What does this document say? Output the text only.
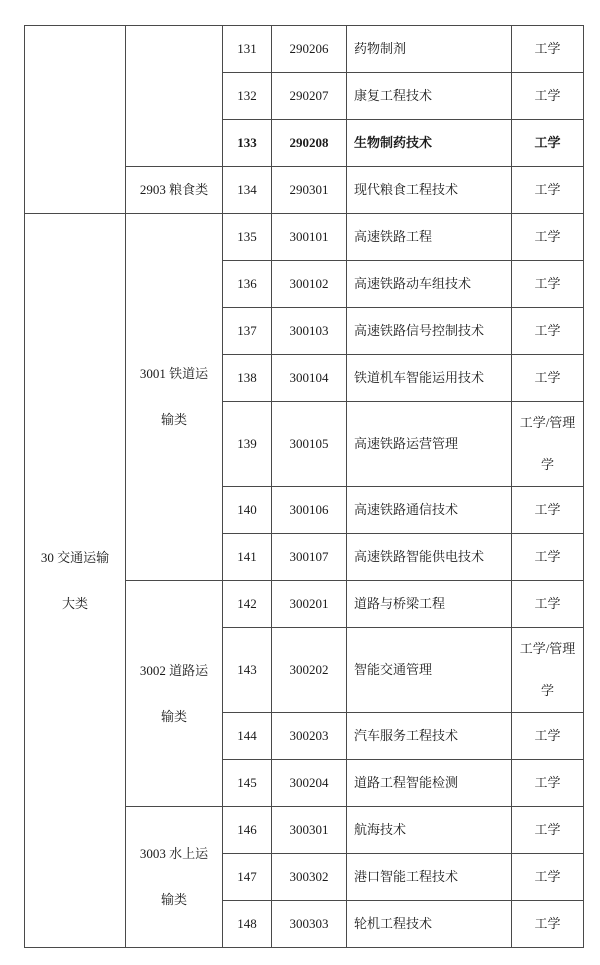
		131	290206	药物制剂	工学
		132	290207	康复工程技术	工学
		133	290208	生物制药技术	工学
	2903 粮食类	134	290301	现代粮食工程技术	工学
30 交通运输大类	3001 铁道运输类	135	300101	高速铁路工程	工学
		136	300102	高速铁路动车组技术	工学
		137	300103	高速铁路信号控制技术	工学
		138	300104	铁道机车智能运用技术	工学
		139	300105	高速铁路运营管理	工学/管理学
		140	300106	高速铁路通信技术	工学
		141	300107	高速铁路智能供电技术	工学
	3002 道路运输类	142	300201	道路与桥梁工程	工学
		143	300202	智能交通管理	工学/管理学
		144	300203	汽车服务工程技术	工学
		145	300204	道路工程智能检测	工学
	3003 水上运输类	146	300301	航海技术	工学
		147	300302	港口智能工程技术	工学
		148	300303	轮机工程技术	工学
